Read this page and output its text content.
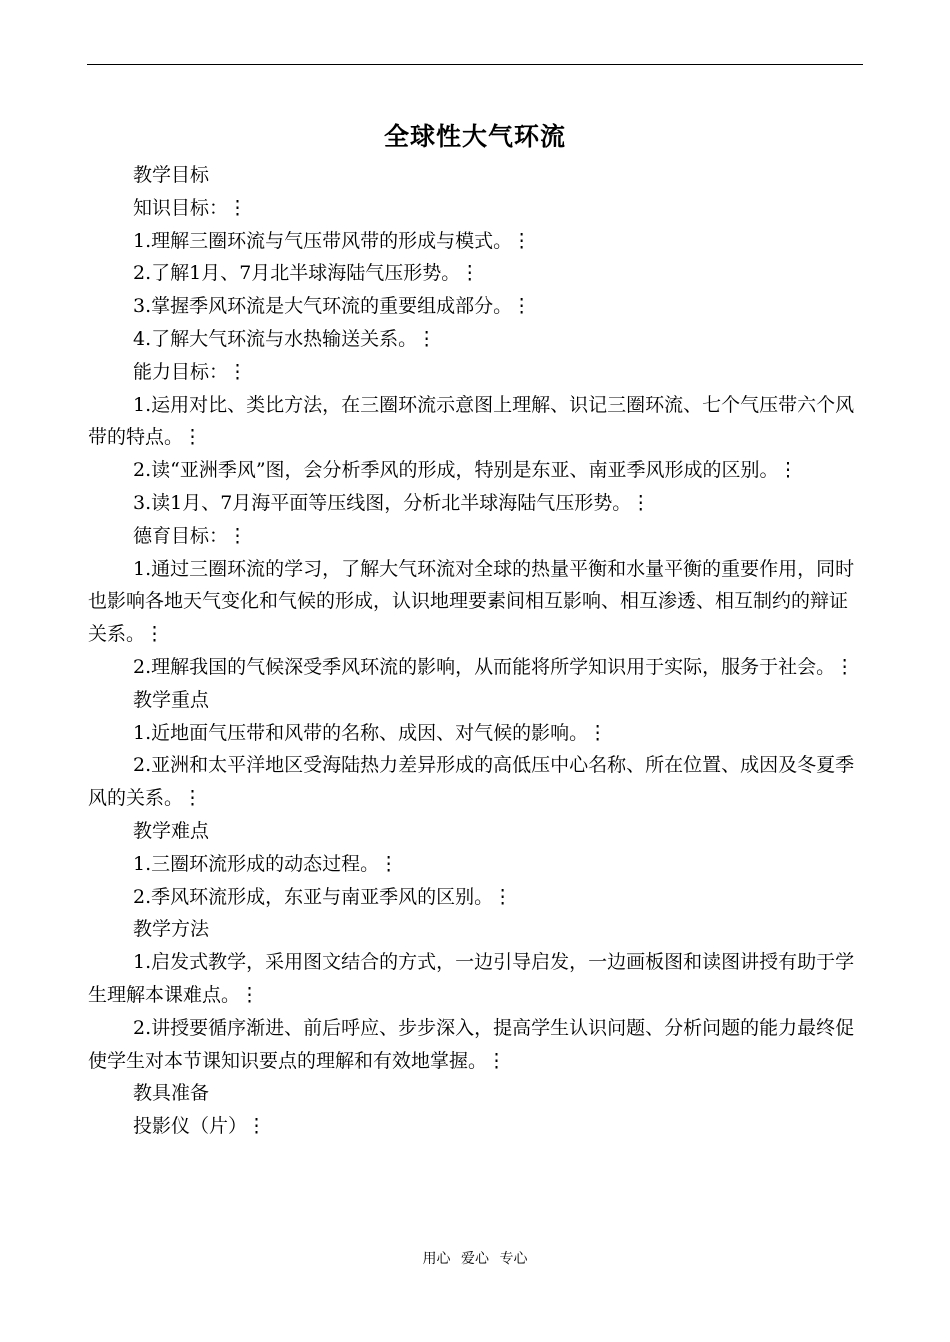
全球性大气环流

教学目标

知识目标：⋮

1.理解三圈环流与气压带风带的形成与模式。⋮

2.了解1月、7月北半球海陆气压形势。⋮

3.掌握季风环流是大气环流的重要组成部分。⋮

4.了解大气环流与水热输送关系。⋮

能力目标：⋮

1.运用对比、类比方法，在三圈环流示意图上理解、识记三圈环流、七个气压带六个风带的特点。⋮

2.读“亚洲季风”图，会分析季风的形成，特别是东亚、南亚季风形成的区别。⋮

3.读1月、7月海平面等压线图，分析北半球海陆气压形势。⋮

德育目标：⋮

1.通过三圈环流的学习，了解大气环流对全球的热量平衡和水量平衡的重要作用，同时也影响各地天气变化和气候的形成，认识地理要素间相互影响、相互渗透、相互制约的辩证关系。⋮

2.理解我国的气候深受季风环流的影响，从而能将所学知识用于实际，服务于社会。⋮

教学重点

1.近地面气压带和风带的名称、成因、对气候的影响。⋮

2.亚洲和太平洋地区受海陆热力差异形成的高低压中心名称、所在位置、成因及冬夏季风的关系。⋮

教学难点

1.三圈环流形成的动态过程。⋮

2.季风环流形成，东亚与南亚季风的区别。⋮

教学方法

1.启发式教学，采用图文结合的方式，一边引导启发，一边画板图和读图讲授有助于学生理解本课难点。⋮

2.讲授要循序渐进、前后呼应、步步深入，提高学生认识问题、分析问题的能力最终促使学生对本节课知识要点的理解和有效地掌握。⋮

教具准备

投影仪（片）⋮

用心 爱心 专心
